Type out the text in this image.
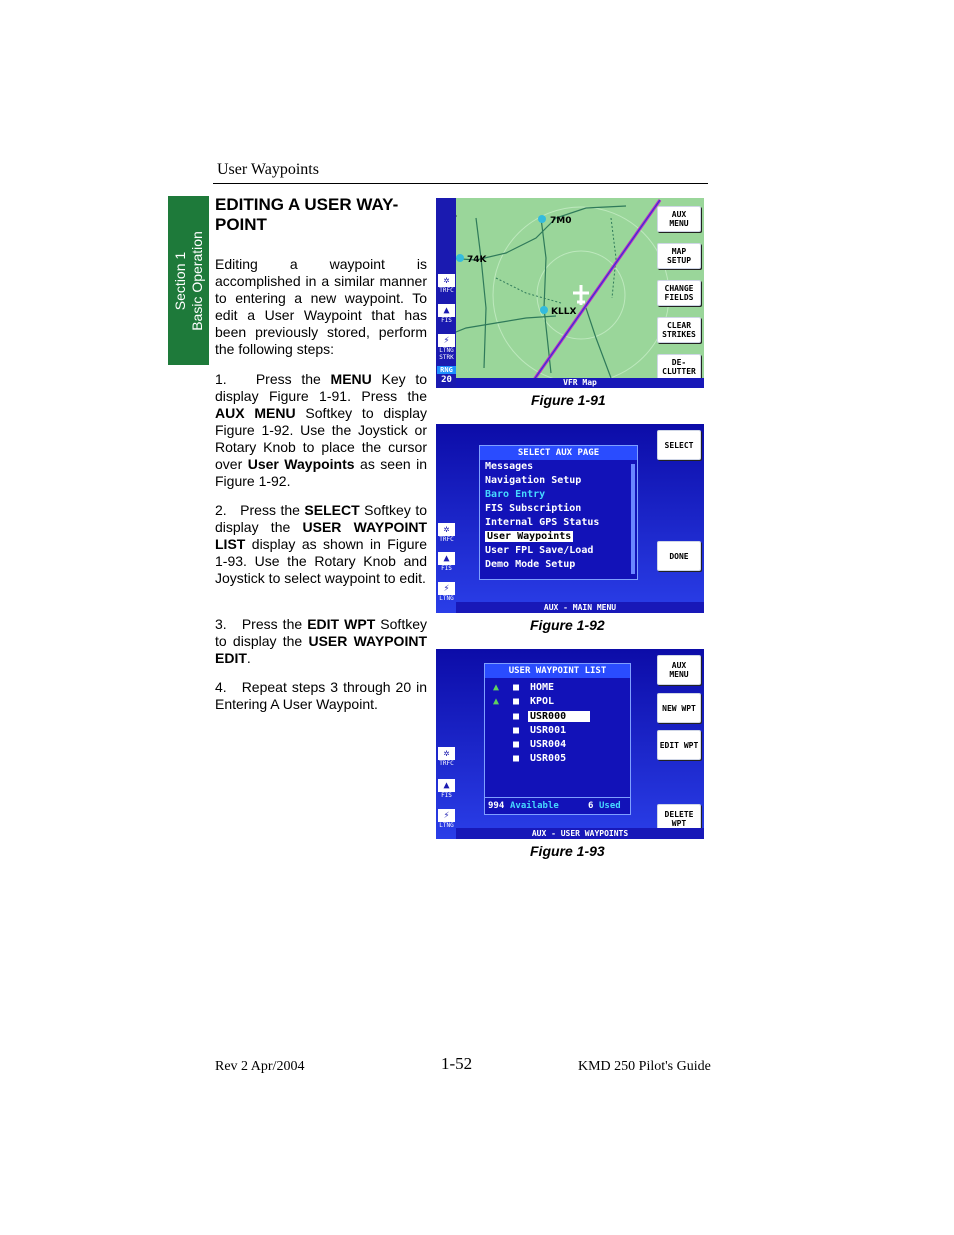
User Waypoints
Section 1 Basic Operation
EDITING A USER WAY-
POINT
Editing a waypoint is accomplished in a similar manner to entering a new waypoint. To edit a User Waypoint that has been previously stored, perform the following steps:
1. Press the MENU Key to display Figure 1-91. Press the AUX MENU Softkey to display Figure 1-92. Use the Joystick or Rotary Knob to place the cursor over User Waypoints as seen in Figure 1-92.
2. Press the SELECT Softkey to display the USER WAYPOINT LIST display as shown in Figure 1-93. Use the Rotary Knob and Joystick to select waypoint to edit.
3. Press the EDIT WPT Softkey to display the USER WAYPOINT EDIT.
4. Repeat steps 3 through 20 in Entering A User Waypoint.
7M0
74K
KLLX
✲
TRFC
▲
FIS
⚡
LTNG
STRK
RNG
20
AUX
MENU
MAP
SETUP
CHANGE
FIELDS
CLEAR
STRIKES
DE-
CLUTTER
VFR Map
Figure 1-91
✲
TRFC
▲
FIS
⚡
LTNG
SELECT AUX PAGE
Messages
Navigation Setup
Baro Entry
FIS Subscription
Internal GPS Status
User Waypoints
User FPL Save/Load
Demo Mode Setup
SELECT
DONE
AUX - MAIN MENU
Figure 1-92
✲
TRFC
▲
FIS
⚡
LTNG
USER WAYPOINT LIST
▲ ■ HOME
▲ ■ KPOL
■ USR000
■ USR001
■ USR004
■ USR005
994 Available	6 Used
AUX
MENU
NEW WPT
EDIT WPT
DELETE
WPT
AUX - USER WAYPOINTS
Figure 1-93
Rev 2 Apr/2004	1-52	KMD 250 Pilot's Guide
